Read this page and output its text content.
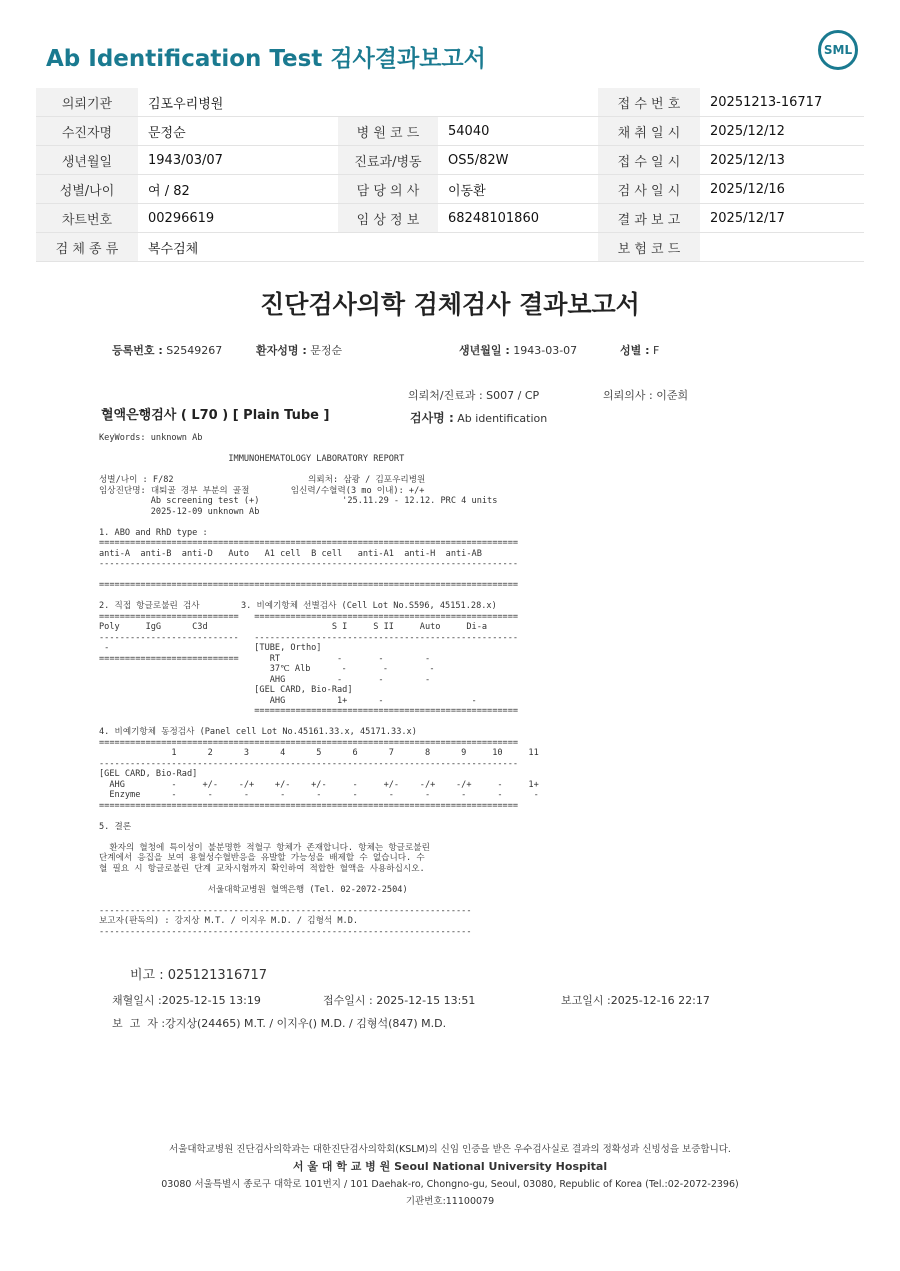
Ab Identification Test 검사결과보고서	SML
의뢰기관	김포우리병원			접 수 번 호	20251213-16717
수진자명	문정순	병 원 코 드	54040	채 취 일 시	2025/12/12
생년월일	1943/03/07	진료과/병동	OS5/82W	접 수 일 시	2025/12/13
성별/나이	여 / 82	담 당 의 사	이동환	검 사 일 시	2025/12/16
차트번호	00296619	임 상 정 보	68248101860	결 과 보 고	2025/12/17
검 체 종 류	복수검체			보 험 코 드	
진단검사의학 검체검사 결과보고서
등록번호 : S2549267	환자성명 : 문정순	생년월일 : 1943-03-07	성별 : F
의뢰처/진료과 : S007 / CP	의뢰의사 : 이준희
혈액은행검사 ( L70 ) [ Plain Tube ]	검사명 : Ab identification
KeyWords: unknown Ab
IMMUNOHEMATOLOGY LABORATORY REPORT
성별/나이 : F/82                          의뢰처: 삼광 / 김포우리병원
임상진단명: 대퇴골 경부 부분의 골절        임신력/수혈력(3 mo 이내): +/+
Ab screening test (+)                '25.11.29 - 12.12. PRC 4 units
2025-12-09 unknown Ab
1. ABO and RhD type :
=================================================================================
anti-A  anti-B  anti-D   Auto   A1 cell  B cell   anti-A1  anti-H  anti-AB
---------------------------------------------------------------------------------
=================================================================================
2. 직접 항글로불린 검사        3. 비예기항체 선별검사 (Cell Lot No.S596, 45151.28.x)
===========================   ===================================================
Poly     IgG      C3d                        S I     S II     Auto     Di-a
---------------------------   ---------------------------------------------------
-                            [TUBE, Ortho]
===========================      RT           -       -        -
37℃ Alb      -       -        -
AHG          -       -        -
[GEL CARD, Bio-Rad]
AHG          1+      -                 -
===================================================
4. 비예기항체 동정검사 (Panel cell Lot No.45161.33.x, 45171.33.x)
=================================================================================
1      2      3      4      5      6      7      8      9     10     11
---------------------------------------------------------------------------------
[GEL CARD, Bio-Rad]
AHG         -     +/-    -/+    +/-    +/-     -     +/-    -/+    -/+     -     1+
Enzyme      -      -      -      -      -      -      -      -      -      -      -
=================================================================================
5. 결론
환자의 혈청에 특이성이 불분명한 적혈구 항체가 존재합니다. 항체는 항글로불린
단계에서 응집을 보여 용혈성수혈반응을 유발할 가능성을 배제할 수 없습니다. 수
혈 필요 시 항글로불린 단계 교차시험까지 확인하여 적합한 혈액을 사용하십시오.
서울대학교병원 혈액은행 (Tel. 02-2072-2504)
------------------------------------------------------------------------
보고자(판독의) : 강지상 M.T. / 이지우 M.D. / 김형석 M.D.
------------------------------------------------------------------------
비고 : 025121316717
채혈일시 :2025-12-15 13:19	접수일시 : 2025-12-15 13:51	보고일시 :2025-12-16 22:17
보  고  자 :강지상(24465) M.T. / 이지우() M.D. / 김형석(847) M.D.
서울대학교병원 진단검사의학과는 대한진단검사의학회(KSLM)의 신임 인증을 받은 우수검사실로 결과의 정확성과 신빙성을 보증합니다.
서 울 대 학 교 병 원 Seoul National University Hospital
03080 서울특별시 종로구 대학로 101번지 / 101 Daehak-ro, Chongno-gu, Seoul, 03080, Republic of Korea (Tel.:02-2072-2396)
기관번호:11100079
